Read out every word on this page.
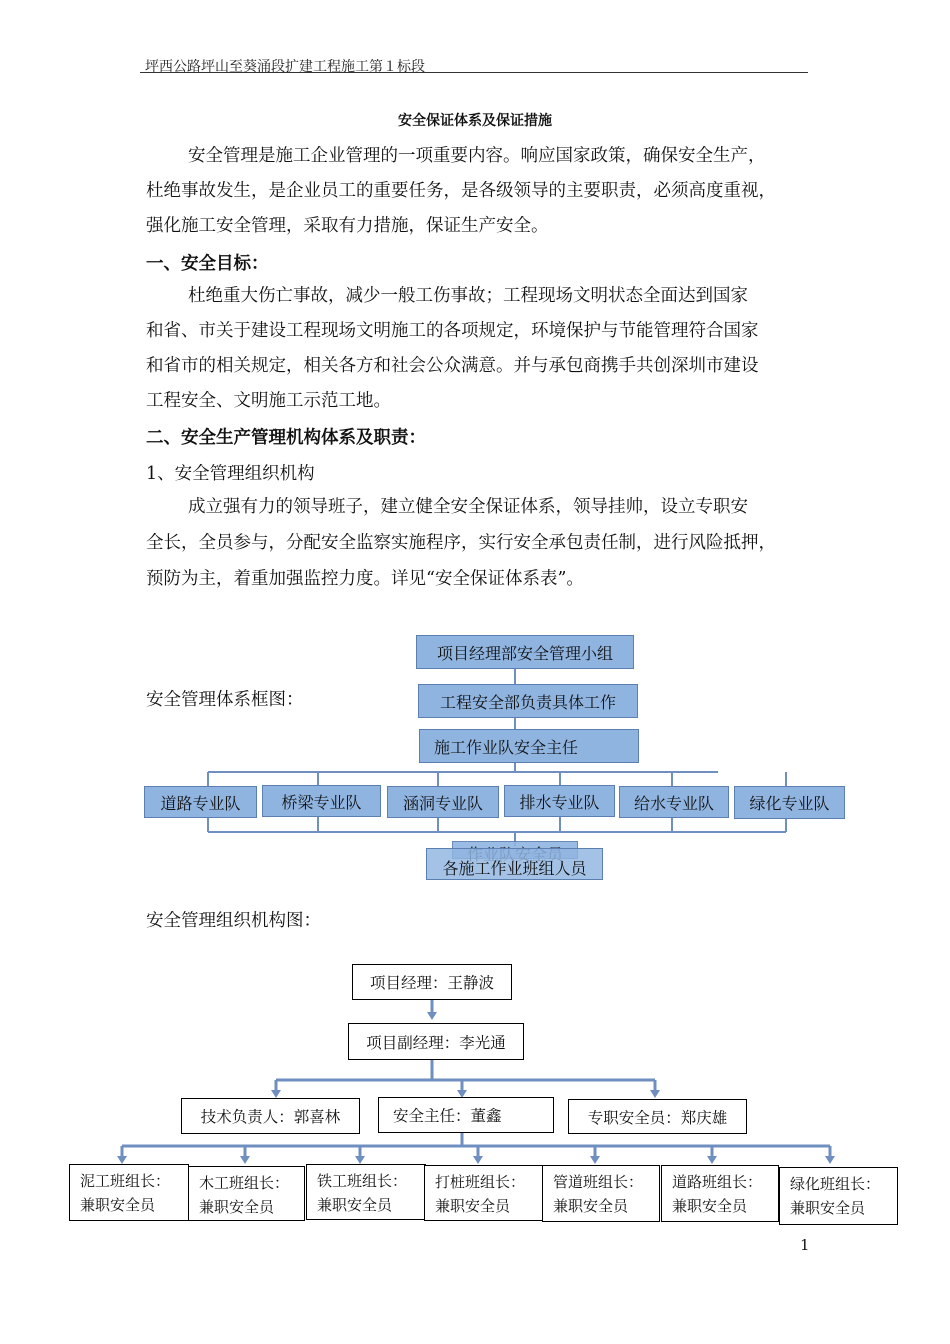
坪西公路坪山至葵涌段扩建工程施工第１标段
安全保证体系及保证措施
安全管理是施工企业管理的一项重要内容。响应国家政策，确保安全生产，
杜绝事故发生，是企业员工的重要任务，是各级领导的主要职责，必须高度重视，
强化施工安全管理，采取有力措施，保证生产安全。
一、安全目标：
杜绝重大伤亡事故，减少一般工伤事故；工程现场文明状态全面达到国家
和省、市关于建设工程现场文明施工的各项规定，环境保护与节能管理符合国家
和省市的相关规定，相关各方和社会公众满意。并与承包商携手共创深圳市建设
工程安全、文明施工示范工地。
二、安全生产管理机构体系及职责：
1、安全管理组织机构
成立强有力的领导班子，建立健全安全保证体系，领导挂帅，设立专职安
全长，全员参与，分配安全监察实施程序，实行安全承包责任制，进行风险抵押，
预防为主，着重加强监控力度。详见“安全保证体系表”。
安全管理体系框图：
项目经理部安全管理小组
工程安全部负责具体工作
施工作业队安全主任
道路专业队	桥梁专业队	涵洞专业队	排水专业队	给水专业队	绿化专业队
各施工作业班组人员
安全管理组织机构图：
项目经理：王静波
项目副经理：李光通
技术负责人：郭喜林	安全主任：董鑫	专职安全员：郑庆雄
泥工班组长：
兼职安全员
木工班组长：
兼职安全员
铁工班组长：
兼职安全员
打桩班组长：
兼职安全员
管道班组长：
兼职安全员
道路班组长：
兼职安全员
绿化班组长：
兼职安全员
1
